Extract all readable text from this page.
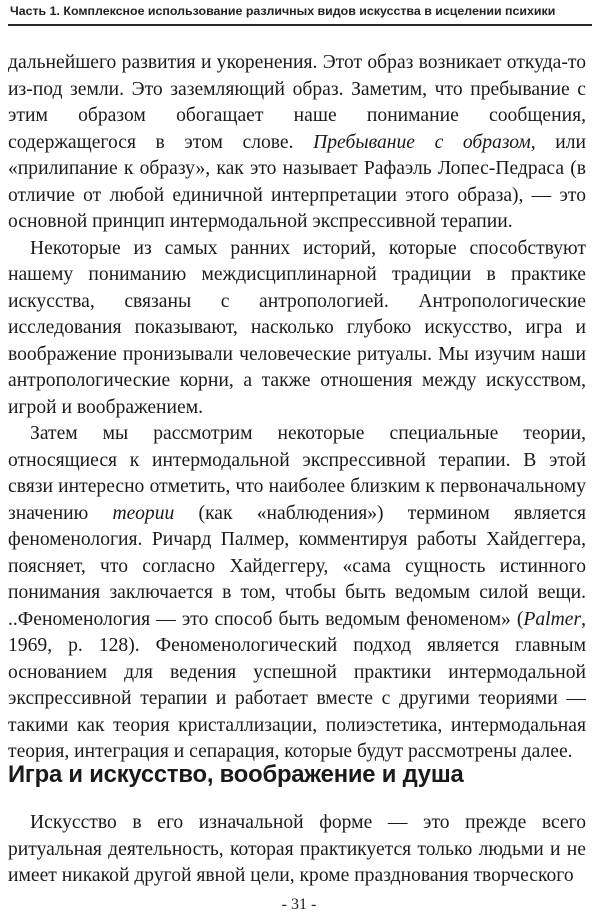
Часть 1. Комплексное использование различных видов искусства в исцелении психики

дальнейшего развития и укоренения. Этот образ возникает откуда-то из-под земли. Это заземляющий образ. Заметим, что пребывание с этим образом обогащает наше понимание сообщения, содержащегося в этом слове. Пребывание с образом, или «прилипание к образу», как это называет Рафаэль Лопес-Педраса (в отличие от любой единичной интерпретации этого образа), — это основной принцип интермодальной экспрессивной терапии.

Некоторые из самых ранних историй, которые способствуют нашему пониманию междисциплинарной традиции в практике искусства, связаны с антропологией. Антропологические исследования показывают, насколько глубоко искусство, игра и воображение пронизывали человеческие ритуалы. Мы изучим наши антропологические корни, а также отношения между искусством, игрой и воображением.

Затем мы рассмотрим некоторые специальные теории, относящиеся к интермодальной экспрессивной терапии. В этой связи интересно отметить, что наиболее близким к первоначальному значению теории (как «наблюдения») термином является феноменология. Ричард Палмер, комментируя работы Хайдеггера, поясняет, что согласно Хайдеггеру, «сама сущность истинного понимания заключается в том, чтобы быть ведомым силой вещи. ..Феноменология — это способ быть ведомым феноменом» (Palmer, 1969, p. 128). Феноменологический подход является главным основанием для ведения успешной практики интермодальной экспрессивной терапии и работает вместе с другими теориями — такими как теория кристаллизации, полиэстетика, интермодальная теория, интеграция и сепарация, которые будут рассмотрены далее.

Игра и искусство, воображение и душа

Искусство в его изначальной форме — это прежде всего ритуальная деятельность, которая практикуется только людьми и не имеет никакой другой явной цели, кроме празднования творческого

- 31 -
